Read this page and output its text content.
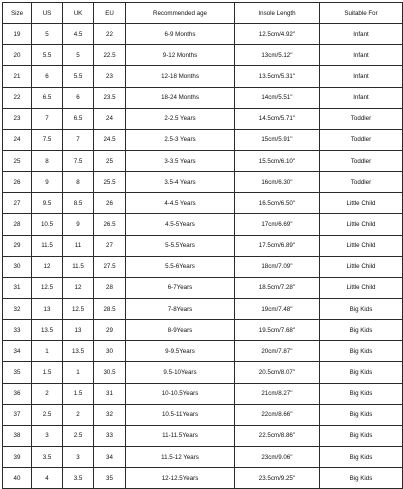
Size	US	UK	EU	Recommended age	Insole Length	Suitable For
19	5	4.5	22	6-9 Months	12.5cm/4.92''	Infant
20	5.5	5	22.5	9-12 Months	13cm/5.12''	Infant
21	6	5.5	23	12-18 Months	13.5cm/5.31''	Infant
22	6.5	6	23.5	18-24 Months	14cm/5.51''	Infant
23	7	6.5	24	2-2.5 Years	14.5cm/5.71''	Toddler
24	7.5	7	24.5	2.5-3 Years	15cm/5.91''	Toddler
25	8	7.5	25	3-3.5 Years	15.5cm/6.10''	Toddler
26	9	8	25.5	3.5-4 Years	16cm/6.30''	Toddler
27	9.5	8.5	26	4-4.5 Years	16.5cm/6.50''	Little Child
28	10.5	9	26.5	4.5-5Years	17cm/6.69''	Little Child
29	11.5	11	27	5-5.5Years	17.5cm/6.89''	Little Child
30	12	11.5	27.5	5.5-6Years	18cm/7.09''	Little Child
31	12.5	12	28	6-7Years	18.5cm/7.28''	Little Child
32	13	12.5	28.5	7-8Years	19cm/7.48''	Big Kids
33	13.5	13	29	8-9Years	19.5cm/7.68''	Big Kids
34	1	13.5	30	9-9.5Years	20cm/7.87''	Big Kids
35	1.5	1	30.5	9.5-10Years	20.5cm/8.07''	Big Kids
36	2	1.5	31	10-10.5Years	21cm/8.27''	Big Kids
37	2.5	2	32	10.5-11Years	22cm/8.66''	Big Kids
38	3	2.5	33	11-11.5Years	22.5cm/8.86''	Big Kids
39	3.5	3	34	11.5-12 Years	23cm/9.06''	Big Kids
40	4	3.5	35	12-12.5Years	23.5cm/9.25''	Big Kids
